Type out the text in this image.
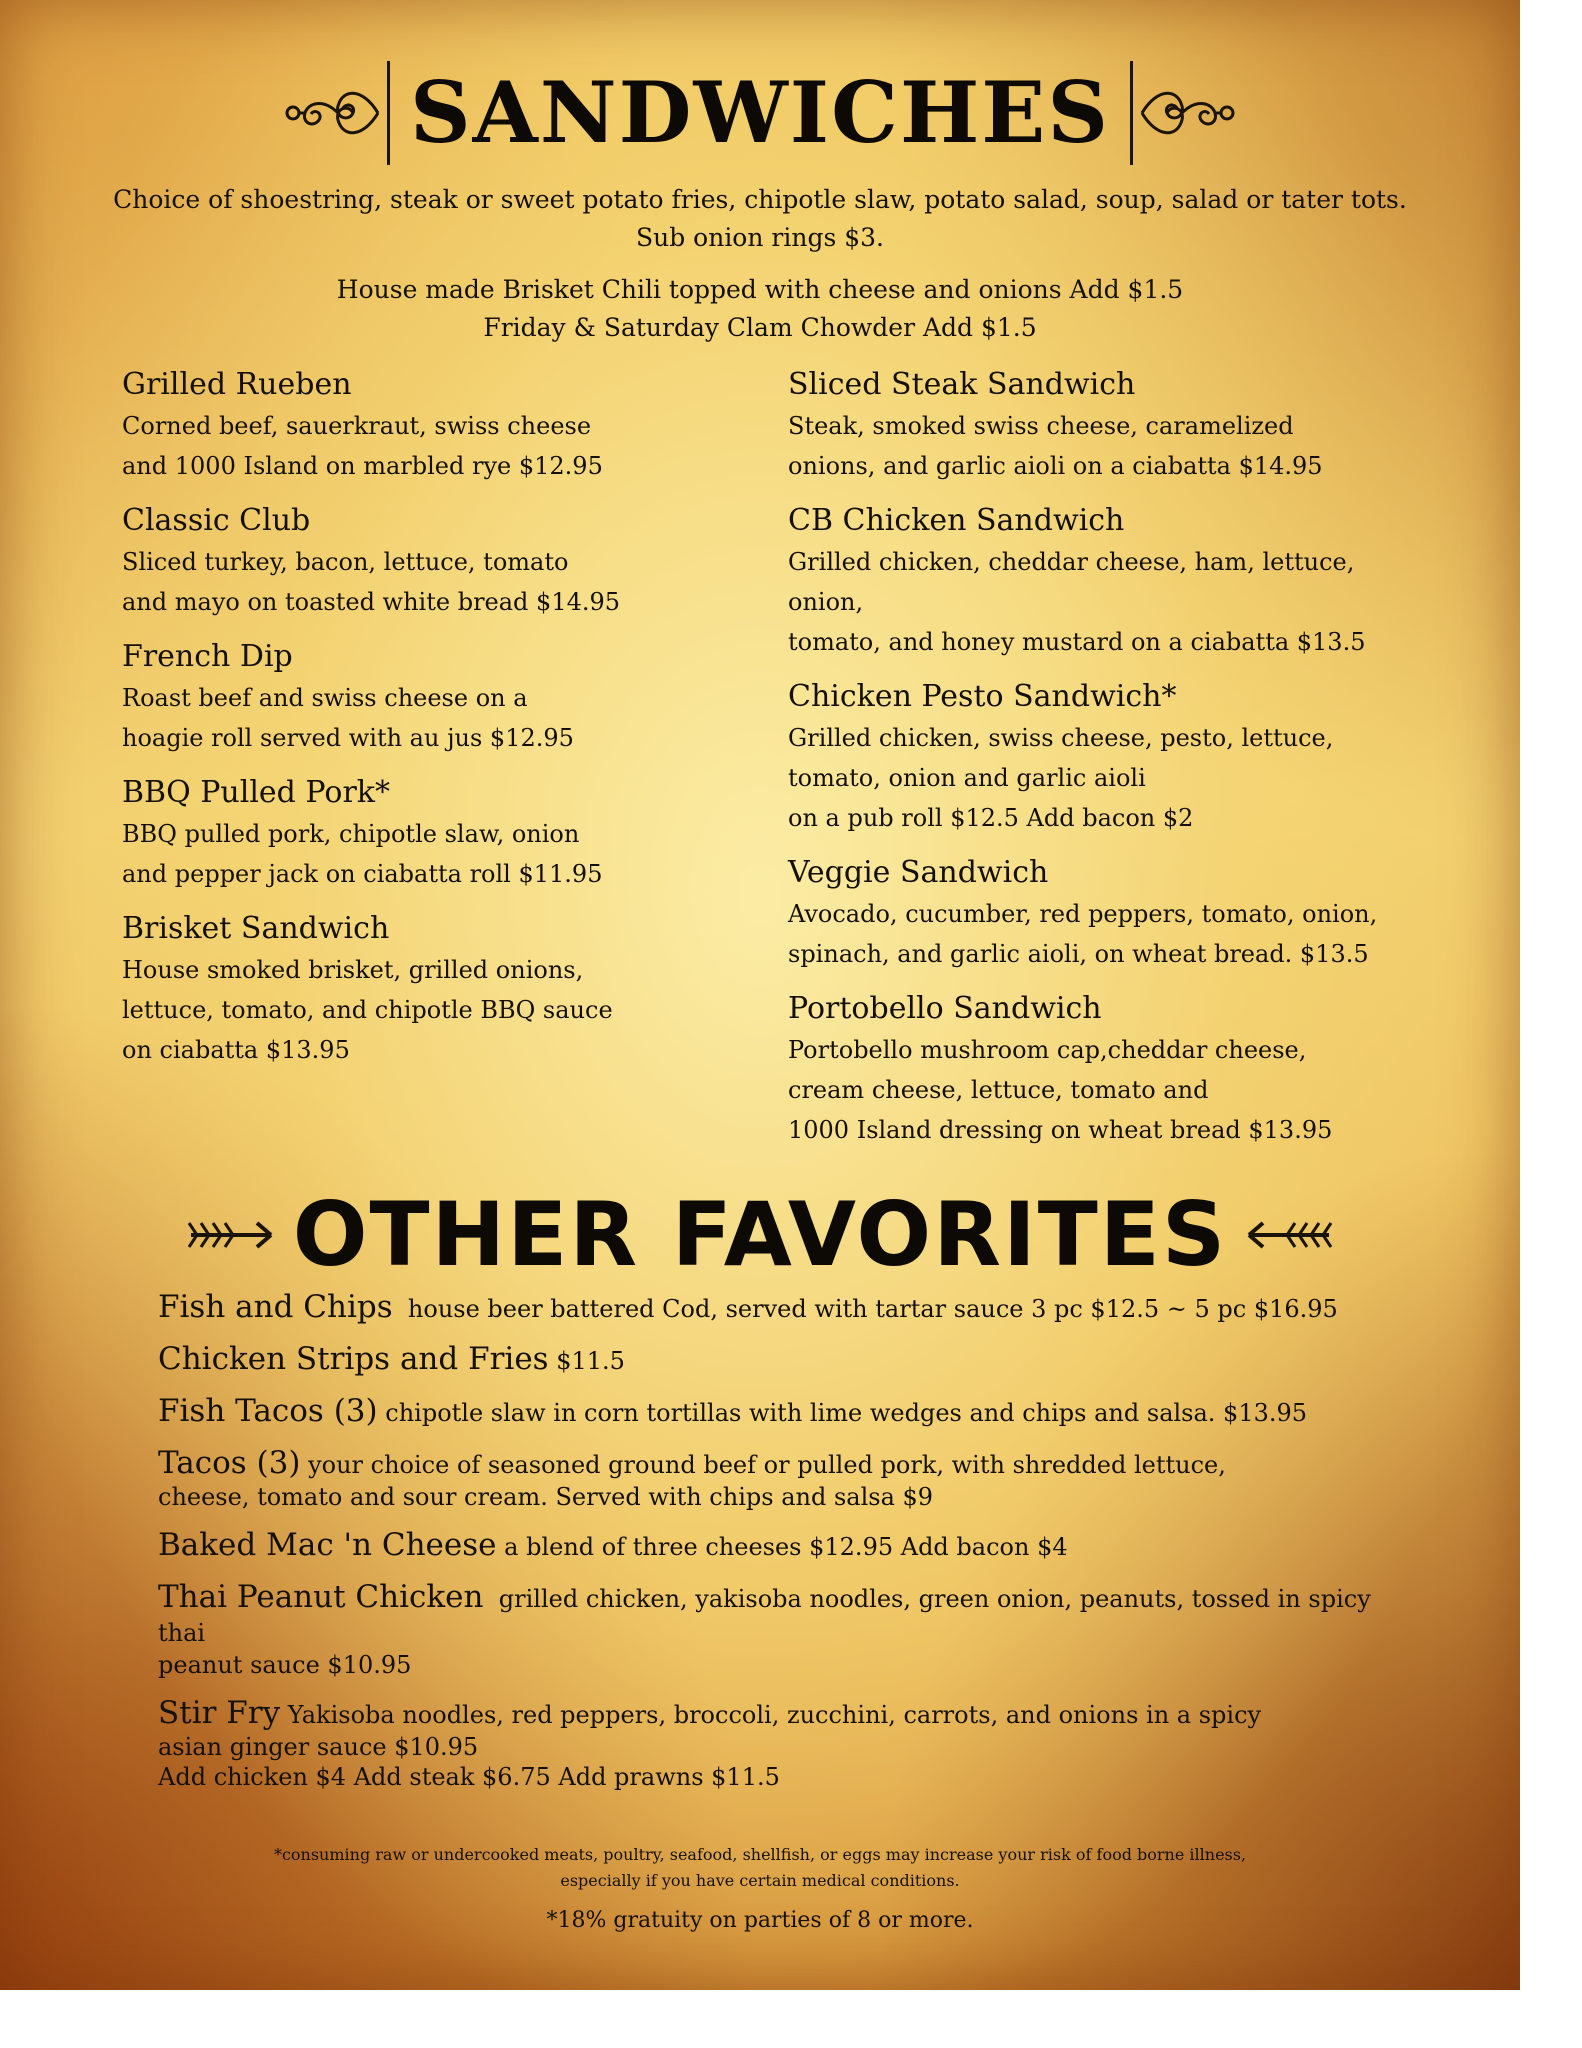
SANDWICHES
Choice of shoestring, steak or sweet potato fries, chipotle slaw, potato salad, soup, salad or tater tots.
Sub onion rings $3.
House made Brisket Chili topped with cheese and onions Add $1.5
Friday & Saturday Clam Chowder Add $1.5
Grilled Rueben
Corned beef, sauerkraut, swiss cheese
and 1000 Island on marbled rye $12.95
Classic Club
Sliced turkey, bacon, lettuce, tomato
and mayo on toasted white bread $14.95
French Dip
Roast beef and swiss cheese on a
hoagie roll served with au jus $12.95
BBQ Pulled Pork*
BBQ pulled pork, chipotle slaw, onion
and pepper jack on ciabatta roll $11.95
Brisket Sandwich
House smoked brisket, grilled onions,
lettuce, tomato, and chipotle BBQ sauce
on ciabatta $13.95
Sliced Steak Sandwich
Steak, smoked swiss cheese, caramelized
onions, and garlic aioli on a ciabatta $14.95
CB Chicken Sandwich
Grilled chicken, cheddar cheese, ham, lettuce, onion,
tomato, and honey mustard on a ciabatta $13.5
Chicken Pesto Sandwich*
Grilled chicken, swiss cheese, pesto, lettuce,
tomato, onion and garlic aioli
on a pub roll $12.5 Add bacon $2
Veggie Sandwich
Avocado, cucumber, red peppers, tomato, onion,
spinach, and garlic aioli, on wheat bread. $13.5
Portobello Sandwich
Portobello mushroom cap,cheddar cheese,
cream cheese, lettuce, tomato and
1000 Island dressing on wheat bread $13.95
OTHER FAVORITES
Fish and Chips house beer battered Cod, served with tartar sauce 3 pc $12.5 ~ 5 pc $16.95
Chicken Strips and Fries $11.5
Fish Tacos (3) chipotle slaw in corn tortillas with lime wedges and chips and salsa. $13.95
Tacos (3) your choice of seasoned ground beef or pulled pork, with shredded lettuce,
cheese, tomato and sour cream. Served with chips and salsa $9
Baked Mac 'n Cheese a blend of three cheeses $12.95 Add bacon $4
Thai Peanut Chicken grilled chicken, yakisoba noodles, green onion, peanuts, tossed in spicy thai
peanut sauce $10.95
Stir Fry Yakisoba noodles, red peppers, broccoli, zucchini, carrots, and onions in a spicy
asian ginger sauce $10.95
Add chicken $4 Add steak $6.75 Add prawns $11.5
*consuming raw or undercooked meats, poultry, seafood, shellfish, or eggs may increase your risk of food borne illness,
especially if you have certain medical conditions.
*18% gratuity on parties of 8 or more.
